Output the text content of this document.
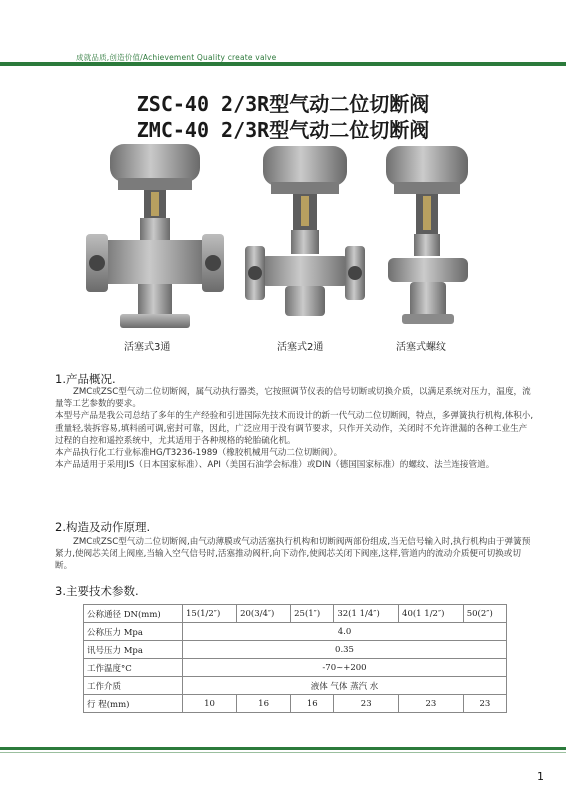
成就品质,创造价值/Achievement Quality create valve
ZSC-40 2/3R型气动二位切断阀
ZMC-40 2/3R型气动二位切断阀
活塞式3通	活塞式2通	活塞式螺纹
1.产品概况.

ZMC或ZSC型气动二位切断阀，属气动执行器类，它按照调节仪表的信号切断或切换介质，以满足系统对压力，温度，流量等工艺参数的要求。

本型号产品是我公司总结了多年的生产经验和引进国际先技术而设计的新一代气动二位切断阀，特点，多弹簧执行机构,体积小,重量轻,装拆容易,填料函可调,密封可靠，因此，广泛应用于没有调节要求，只作开关动作，关闭时不允许泄漏的各种工业生产过程的自控和遥控系统中，尤其适用于各种规格的轮胎硫化机。

本产品执行化工行业标准HG/T3236-1989（橡胶机械用气动二位切断阀）。

本产品适用于采用JIS（日本国家标准）、API（美国石油学会标准）或DIN（德国国家标准）的螺纹、法兰连接管道。

2.构造及动作原理.

ZMC或ZSC型气动二位切断阀,由气动薄膜或气动活塞执行机构和切断阀两部份组成,当无信号输入时,执行机构由于弹簧预紧力,使阀芯关闭上阀座,当输入空气信号时,活塞推动阀杆,向下动作,使阀芯关闭下阀座,这样,管道内的流动介质便可切换或切断。

3.主要技术参数.
公称通径 DN(mm)	15(1/2″)	20(3/4″)	25(1″)	32(1 1/4″)	40(1 1/2″)	50(2″)
公称压力 Mpa	4.0					
讯号压力 Mpa	0.35					
工作温度°C	-70~+200					
工作介质	液体 气体 蒸汽 水					
行 程(mm)	10	16	16	23	23	23
1
